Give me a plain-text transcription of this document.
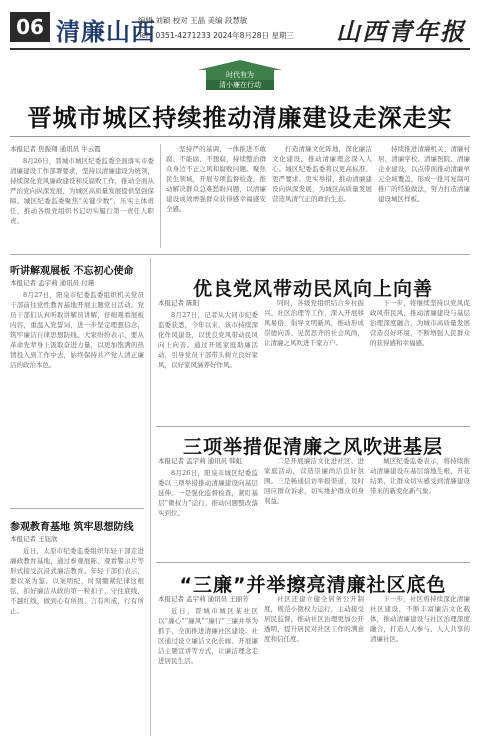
06 清廉山西
编辑 刘颖 校对 王晶 美编 段慧敏
Tel：0351-4271233 2024年8月28日 星期三 山西青年报
时代有为
清小廉在行动
晋城市城区持续推动清廉建设走深走实
本报记者 焦振翔 通讯员 牛云霞

8月26日，晋城市城区纪委监委全面落实市委清廉建设工作部署要求，坚持以清廉建设为统领，持续深化党风廉政建设和反腐败工作，推动全面从严治党向纵深发展，为城区高质量发展提供坚强保障。城区纪委监委聚焦“关键少数”，压实主体责任，推动各级党组织书记切实履行第一责任人职责。

坚持严的基调，一体推进不敢腐、不能腐、不想腐，持续整治群众身边不正之风和腐败问题。聚焦民生领域，开展专项监督检查，推动解决群众急难愁盼问题，以清廉建设成效增强群众获得感幸福感安全感。

打造清廉文化阵地，深化廉洁文化建设，推动清廉理念深入人心。城区纪委监委将以更高标准、更严要求、更实举措，推动清廉建设向纵深发展，为城区高质量发展营造风清气正的政治生态。

持续推进清廉机关、清廉村居、清廉学校、清廉医院、清廉企业建设，以点带面推动清廉单元全域覆盖，形成一批可复制可推广的经验做法，努力打造清廉建设城区样板。

听讲解观展板 不忘初心使命
本报记者 孟宇莉 通讯员 付瑾

8月27日，阳泉市纪委监委组织机关党员干部前往党性教育基地开展主题党日活动。党员干部们认真听取讲解员讲解，仔细观看展板内容，重温入党誓词，进一步坚定理想信念，筑牢廉洁自律思想防线。大家纷纷表示，要从革命先辈身上汲取奋进力量，以更加饱满的热情投入到工作中去，始终保持共产党人清正廉洁的政治本色。

参观教育基地 筑牢思想防线
本报记者 王钰欣

近日，太原市纪委监委组织年轻干部走进廉政教育基地，通过参观展陈、观看警示片等形式接受沉浸式廉洁教育。年轻干部们表示，要以案为鉴、以案明纪，时刻绷紧纪律这根弦，扣好廉洁从政的第一粒扣子，守住底线，不越红线，做到心有所畏、言有所戒、行有所止。

优良党风带动民风向上向善
本报记者 陈阳

8月27日，记者从大同市纪委监委获悉，今年以来，该市持续深化作风建设，以优良党风带动民风向上向善。通过开展家庭助廉活动，引导党员干部带头树立良好家风，以好家风涵养好作风。

同时，各级党组织结合乡村振兴、社区治理等工作，深入开展移风易俗，倡导文明新风，推动形成崇德向善、见贤思齐的社会风尚，让清廉之风吹进千家万户。

下一步，将继续坚持以党风促政风带民风，推动清廉建设与基层治理深度融合，为城市高质量发展营造良好环境，不断增强人民群众的获得感和幸福感。

三项举措促清廉之风吹进基层
本报记者 孟宇莉 通讯员 韩虹

8月26日，阳泉市城区纪委监委以三项举措推动清廉建设向基层延伸。一是强化监督检查，紧盯基层“微权力”运行，推动问题整改落实到位。

二是开展廉洁文化进社区、进家庭活动，营造崇廉尚洁良好氛围。三是畅通信访举报渠道，及时回应群众诉求，切实维护群众切身利益。

城区纪委监委表示，将持续推动清廉建设在基层落地生根、开花结果，让群众切实感受到清廉建设带来的新变化新气象。

“三廉”并举擦亮清廉社区底色
本报记者 孟宇莉 通讯员 王丽芳

近日，晋城市城区某社区以“廉心”“廉风”“廉行”三廉并举为抓手，全面推进清廉社区建设。社区通过设立廉洁文化长廊、开展廉洁主题宣讲等方式，让廉洁理念走进居民生活。

社区还建立健全居务公开制度，规范小微权力运行，主动接受居民监督，推动社区治理更加公开透明，提升居民对社区工作的满意度和信任度。

下一步，社区将持续深化清廉社区建设，不断丰富廉洁文化载体，推动清廉建设与社区治理深度融合，打造人人参与、人人共享的清廉社区。
